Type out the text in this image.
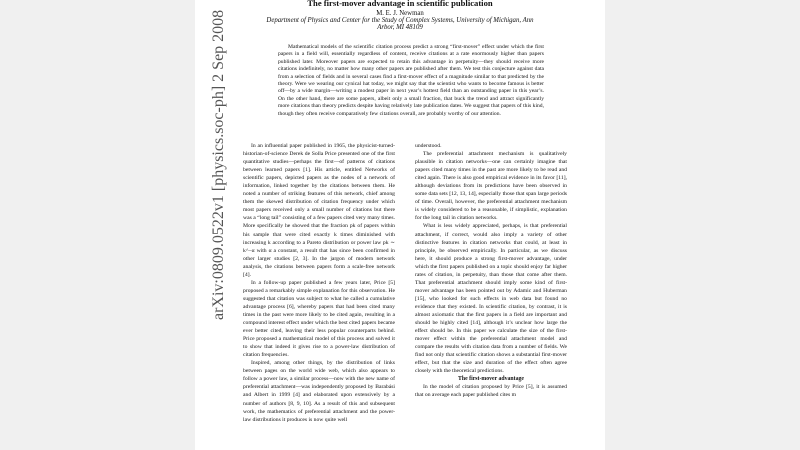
arXiv:0809.0522v1 [physics.soc-ph] 2 Sep 2008
The first-mover advantage in scientific publication
M. E. J. Newman
Department of Physics and Center for the Study of Complex Systems, University of Michigan, Ann Arbor, MI 48109
Mathematical models of the scientific citation process predict a strong “first-mover” effect under which the first papers in a field will, essentially regardless of content, receive citations at a rate enormously higher than papers published later. Moreover papers are expected to retain this advantage in perpetuity—they should receive more citations indefinitely, no matter how many other papers are published after them. We test this conjecture against data from a selection of fields and in several cases find a first-mover effect of a magnitude similar to that predicted by the theory. Were we wearing our cynical hat today, we might say that the scientist who wants to become famous is better off—by a wide margin—writing a modest paper in next year’s hottest field than an outstanding paper in this year’s. On the other hand, there are some papers, albeit only a small fraction, that buck the trend and attract significantly more citations than theory predicts despite having relatively late publication dates. We suggest that papers of this kind, though they often receive comparatively few citations overall, are probably worthy of our attention.

In an influential paper published in 1965, the physicist-turned-historian-of-science Derek de Solla Price presented one of the first quantitative studies—perhaps the first—of patterns of citations between learned papers [1]. His article, entitled Networks of scientific papers, depicted papers as the nodes of a network of information, linked together by the citations between them. He noted a number of striking features of this network, chief among them the skewed distribution of citation frequency under which most papers received only a small number of citations but there was a “long tail” consisting of a few papers cited very many times. More specifically he showed that the fraction pk of papers within his sample that were cited exactly k times diminished with increasing k according to a Pareto distribution or power law pk ∼ k^−α with α a constant, a result that has since been confirmed in other larger studies [2, 3]. In the jargon of modern network analysis, the citations between papers form a scale-free network [4].

In a follow-up paper published a few years later, Price [5] proposed a remarkably simple explanation for this observation. He suggested that citation was subject to what he called a cumulative advantage process [6], whereby papers that had been cited many times in the past were more likely to be cited again, resulting in a compound interest effect under which the best cited papers became ever better cited, leaving their less popular counterparts behind. Price proposed a mathematical model of this process and solved it to show that indeed it gives rise to a power-law distribution of citation frequencies.

Inspired, among other things, by the distribution of links between pages on the world wide web, which also appears to follow a power law, a similar process—now with the new name of preferential attachment—was independently proposed by Barabási and Albert in 1999 [4] and elaborated upon extensively by a number of authors [8, 9, 10]. As a result of this and subsequent work, the mathematics of preferential attachment and the power-law distributions it produces is now quite well

understood.

The preferential attachment mechanism is qualitatively plausible in citation networks—one can certainly imagine that papers cited many times in the past are more likely to be read and cited again. There is also good empirical evidence in its favor [11], although deviations from its predictions have been observed in some data sets [12, 13, 14], especially those that span large periods of time. Overall, however, the preferential attachment mechanism is widely considered to be a reasonable, if simplistic, explanation for the long tail in citation networks.

What is less widely appreciated, perhaps, is that preferential attachment, if correct, would also imply a variety of other distinctive features in citation networks that could, at least in principle, be observed empirically. In particular, as we discuss here, it should produce a strong first-mover advantage, under which the first papers published on a topic should enjoy far higher rates of citation, in perpetuity, than those that come after them. That preferential attachment should imply some kind of first-mover advantage has been pointed out by Adamic and Huberman [15], who looked for such effects in web data but found no evidence that they existed. In scientific citation, by contrast, it is almost axiomatic that the first papers in a field are important and should be highly cited [14], although it’s unclear how large the effect should be. In this paper we calculate the size of the first-mover effect within the preferential attachment model and compare the results with citation data from a number of fields. We find not only that scientific citation shows a substantial first-mover effect, but that the size and duration of the effect often agree closely with the theoretical predictions.

The first-mover advantage

In the model of citation proposed by Price [5], it is assumed that on average each paper published cites m
